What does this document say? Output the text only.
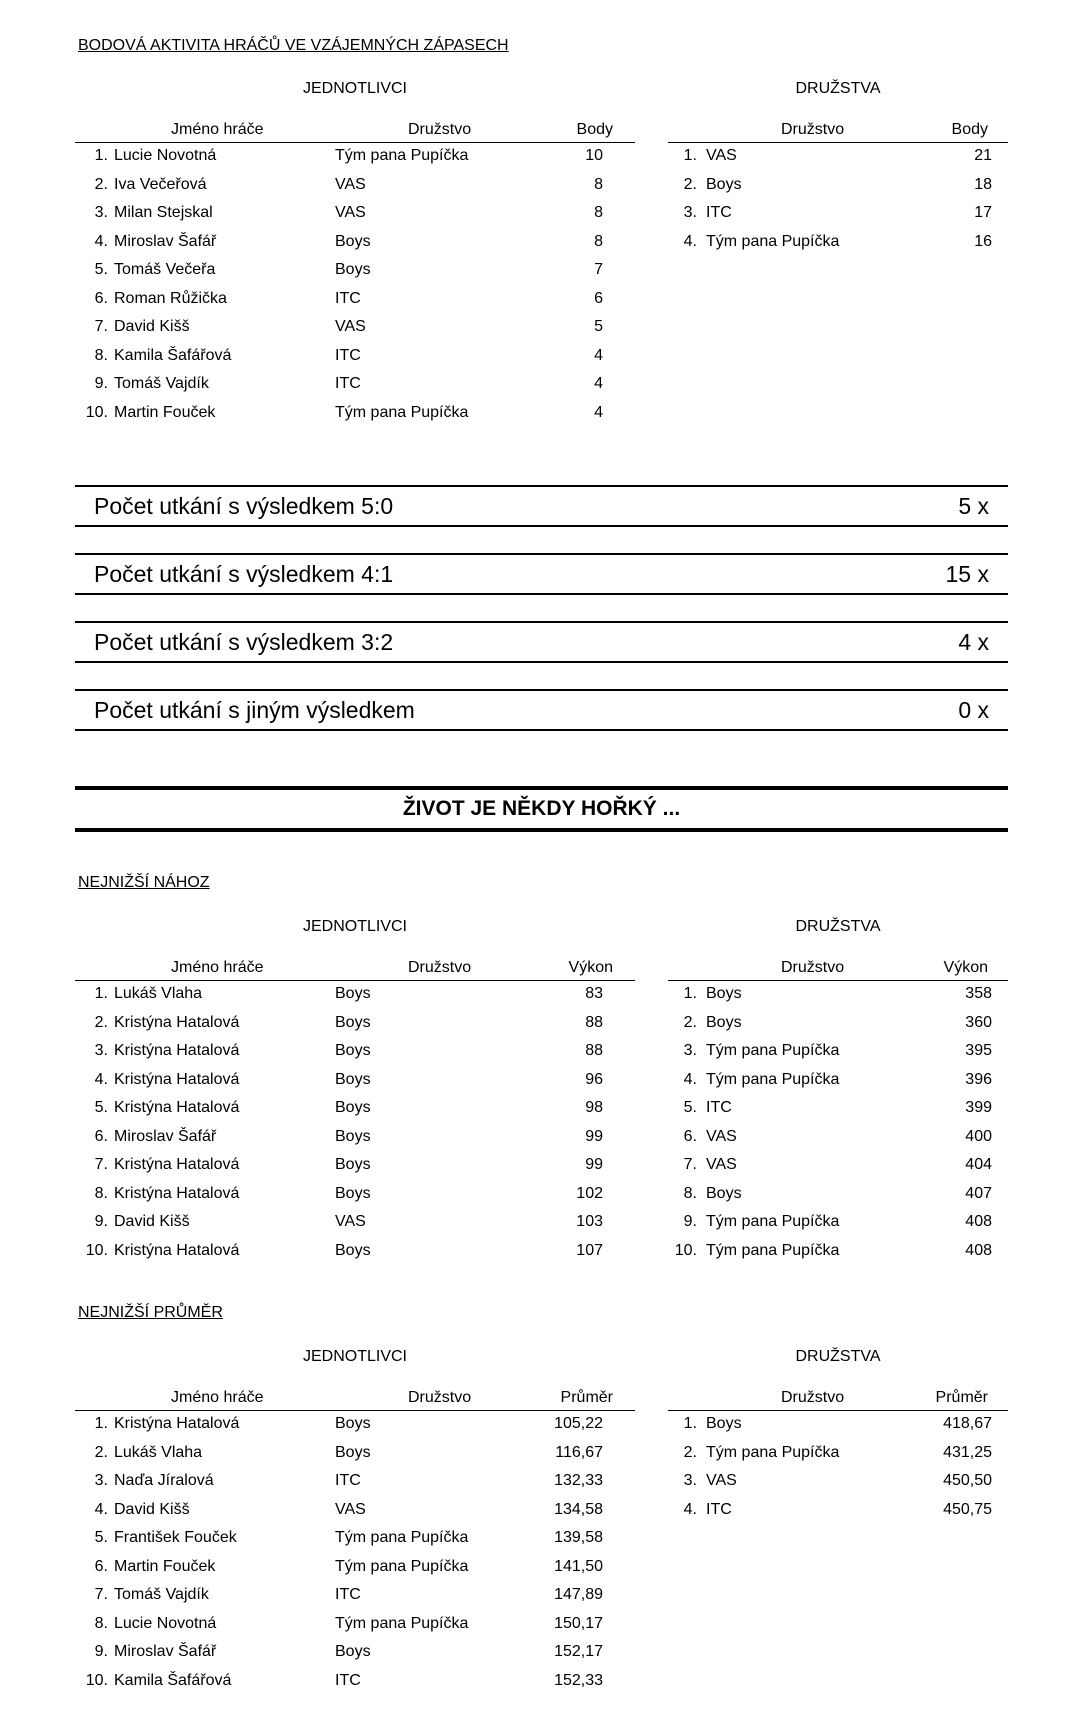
BODOVÁ AKTIVITA HRÁČŮ VE VZÁJEMNÝCH ZÁPASECH
JEDNOTLIVCI	DRUŽSTVA
Jméno hráče	Družstvo	Body
1. Lucie Novotná	Tým pana Pupíčka	10
2. Iva Večeřová	VAS	8
3. Milan Stejskal	VAS	8
4. Miroslav Šafář	Boys	8
5. Tomáš Večeřa	Boys	7
6. Roman Růžička	ITC	6
7. David Kišš	VAS	5
8. Kamila Šafářová	ITC	4
9. Tomáš Vajdík	ITC	4
10. Martin Fouček	Tým pana Pupíčka	4
Družstvo	Body
1. VAS	21
2. Boys	18
3. ITC	17
4. Tým pana Pupíčka	16
Počet utkání s výsledkem 5:0	5 x
Počet utkání s výsledkem 4:1	15 x
Počet utkání s výsledkem 3:2	4 x
Počet utkání s jiným výsledkem	0 x
ŽIVOT JE NĚKDY HOŘKÝ ...
NEJNIŽŠÍ NÁHOZ
JEDNOTLIVCI	DRUŽSTVA
Jméno hráče	Družstvo	Výkon
1. Lukáš Vlaha	Boys	83
2. Kristýna Hatalová	Boys	88
3. Kristýna Hatalová	Boys	88
4. Kristýna Hatalová	Boys	96
5. Kristýna Hatalová	Boys	98
6. Miroslav Šafář	Boys	99
7. Kristýna Hatalová	Boys	99
8. Kristýna Hatalová	Boys	102
9. David Kišš	VAS	103
10. Kristýna Hatalová	Boys	107
Družstvo	Výkon
1. Boys	358
2. Boys	360
3. Tým pana Pupíčka	395
4. Tým pana Pupíčka	396
5. ITC	399
6. VAS	400
7. VAS	404
8. Boys	407
9. Tým pana Pupíčka	408
10. Tým pana Pupíčka	408
NEJNIŽŠÍ PRŮMĚR
JEDNOTLIVCI	DRUŽSTVA
Jméno hráče	Družstvo	Průměr
1. Kristýna Hatalová	Boys	105,22
2. Lukáš Vlaha	Boys	116,67
3. Naďa Jíralová	ITC	132,33
4. David Kišš	VAS	134,58
5. František Fouček	Tým pana Pupíčka	139,58
6. Martin Fouček	Tým pana Pupíčka	141,50
7. Tomáš Vajdík	ITC	147,89
8. Lucie Novotná	Tým pana Pupíčka	150,17
9. Miroslav Šafář	Boys	152,17
10. Kamila Šafářová	ITC	152,33
Družstvo	Průměr
1. Boys	418,67
2. Tým pana Pupíčka	431,25
3. VAS	450,50
4. ITC	450,75
